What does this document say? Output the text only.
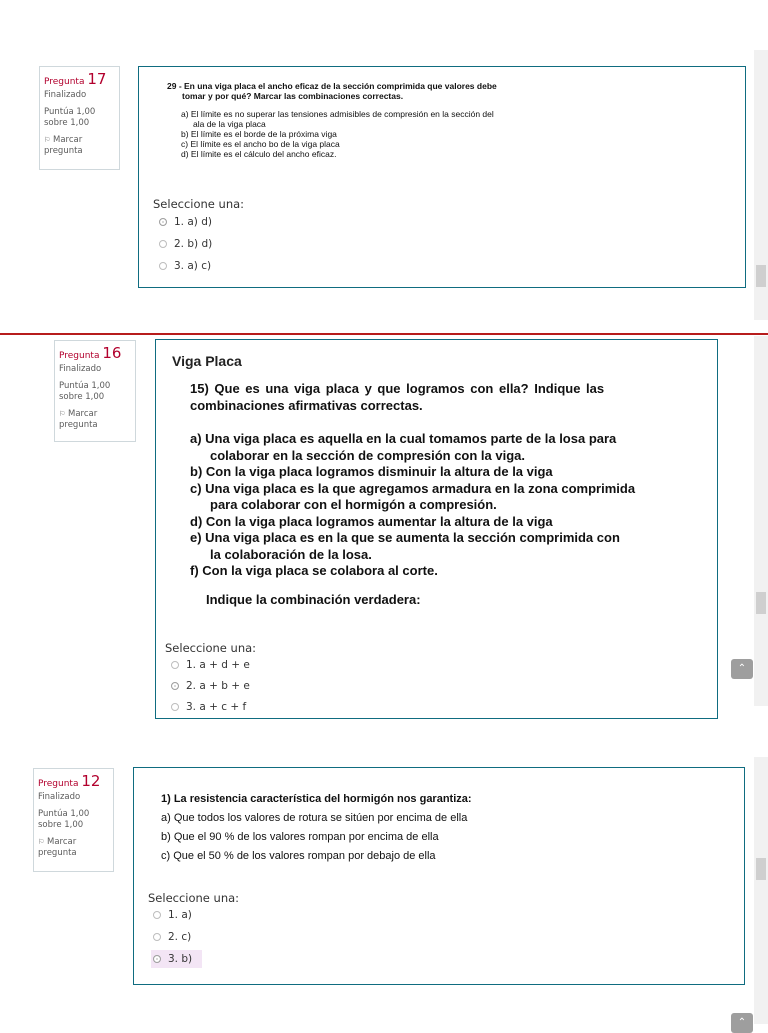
Pregunta 17
Finalizado
Puntúa 1,00
sobre 1,00
⚐ Marcar
pregunta
29 - En una viga placa el ancho eficaz de la sección comprimida que valores debe
tomar y por qué? Marcar las combinaciones correctas.
a) El límite es no superar las tensiones admisibles de compresión en la sección del
ala de la viga placa
b) El límite es el borde de la próxima viga
c) El límite es el ancho bo de la viga placa
d) El límite es el cálculo del ancho eficaz.
Seleccione una:
1. a) d)
2. b) d)
3. a) c)
Pregunta 16
Finalizado
Puntúa 1,00
sobre 1,00
⚐ Marcar
pregunta
Viga Placa
15) Que es una viga placa y que logramos con ella? Indique las
combinaciones afirmativas correctas.
a) Una viga placa es aquella en la cual tomamos parte de la losa para
colaborar en la sección de compresión con la viga.
b) Con la viga placa logramos disminuir la altura de la viga
c) Una viga placa es la que agregamos armadura en la zona comprimida
para colaborar con el hormigón a compresión.
d) Con la viga placa logramos aumentar la altura de la viga
e) Una viga placa es en la que se aumenta la sección comprimida con
la colaboración de la losa.
f) Con la viga placa se colabora al corte.
Indique la combinación verdadera:
Seleccione una:
1. a + d + e
2. a + b + e
3. a + c + f
⌃
Pregunta 12
Finalizado
Puntúa 1,00
sobre 1,00
⚐ Marcar
pregunta
1) La resistencia característica del hormigón nos garantiza:
a) Que todos los valores de rotura se sitúen por encima de ella
b) Que el 90 % de los valores rompan por encima de ella
c) Que el 50 % de los valores rompan por debajo de ella
Seleccione una:
1. a)
2. c)
3. b)
⌃
